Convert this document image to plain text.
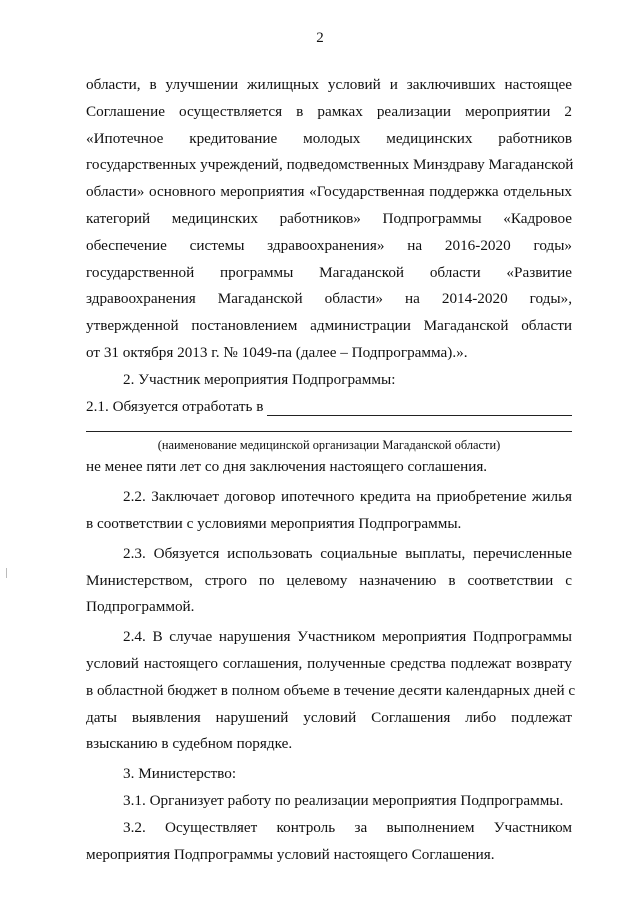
2
области, в улучшении жилищных условий и заключивших настоящее
Соглашение осуществляется в рамках реализации мероприятии 2
«Ипотечное кредитование молодых медицинских работников
государственных учреждений, подведомственных Минздраву Магаданской
области» основного мероприятия «Государственная поддержка отдельных
категорий медицинских работников» Подпрограммы «Кадровое
обеспечение системы здравоохранения» на 2016-2020 годы»
государственной программы Магаданской области «Развитие
здравоохранения Магаданской области» на 2014-2020 годы»,
утвержденной постановлением администрации Магаданской области
от 31 октября 2013 г. № 1049-па (далее – Подпрограмма).».
2. Участник мероприятия Подпрограммы:
2.1. Обязуется отработать в
(наименование медицинской организации Магаданской области)
не менее пяти лет со дня заключения настоящего соглашения.
2.2. Заключает договор ипотечного кредита на приобретение жилья
в соответствии с условиями мероприятия Подпрограммы.
2.3. Обязуется использовать социальные выплаты, перечисленные
Министерством, строго по целевому назначению в соответствии с
Подпрограммой.
2.4. В случае нарушения Участником мероприятия Подпрограммы
условий настоящего соглашения, полученные средства подлежат возврату
в областной бюджет в полном объеме в течение десяти календарных дней с
даты выявления нарушений условий Соглашения либо подлежат
взысканию в судебном порядке.
3. Министерство:
3.1. Организует работу по реализации мероприятия Подпрограммы.
3.2. Осуществляет контроль за выполнением Участником
мероприятия Подпрограммы условий настоящего Соглашения.
